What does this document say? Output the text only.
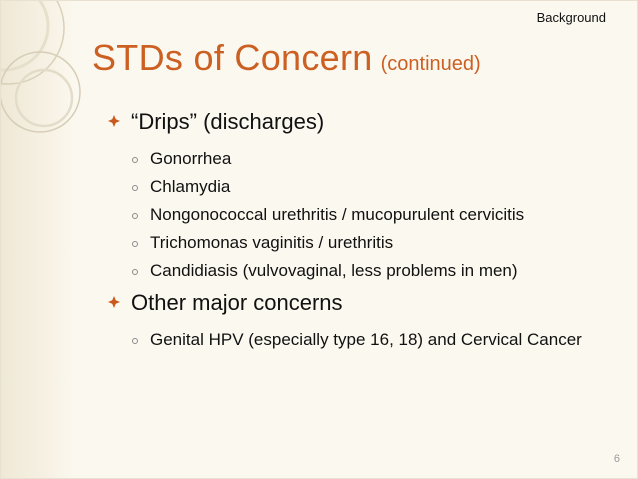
Background
STDs of Concern (continued)
“Drips” (discharges)
Gonorrhea
Chlamydia
Nongonococcal urethritis / mucopurulent cervicitis
Trichomonas vaginitis / urethritis
Candidiasis (vulvovaginal, less problems in men)
Other major concerns
Genital HPV (especially type 16, 18) and Cervical Cancer
6
